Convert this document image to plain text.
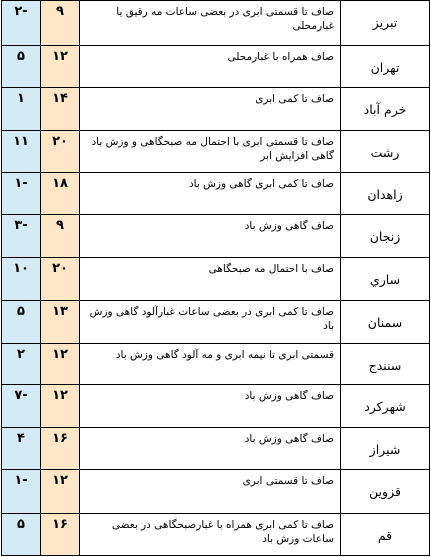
تبریز	صاف تا قسمتی ابری در بعضی ساعات مه رقیق یا غبارمحلی	۹	-۲

تهران	صاف همراه با غبارمحلی	۱۲	۵

خرم آباد	صاف تا کمی ابری	۱۴	۱

رشت	صاف تا قسمتی ابری با احتمال مه صبحگاهی و وزش باد گاهی افزایش ابر	۲۰	۱۱

زاهدان	صاف تا کمی ابری گاهی وزش باد	۱۸	-۱

زنجان	صاف گاهی وزش باد	۹	-۳

ساري	صاف با احتمال مه صبحگاهی	۲۰	۱۰

سمنان	صاف تا کمی ابری در بعضی ساعات غبارآلود گاهی وزش باد	۱۳	۵

سنندج	قسمتی ابری تا نیمه ابری و مه آلود گاهی وزش باد	۱۲	۲

شهرکرد	صاف گاهی وزش باد	۱۲	-۷

شیراز	صاف گاهی وزش باد	۱۶	۴

قزوین	صاف تا قسمتی ابری	۱۲	-۱

قم	صاف تا کمی ابری همراه با غبارصبحگاهی در بعضی ساعات وزش باد	۱۶	۵
